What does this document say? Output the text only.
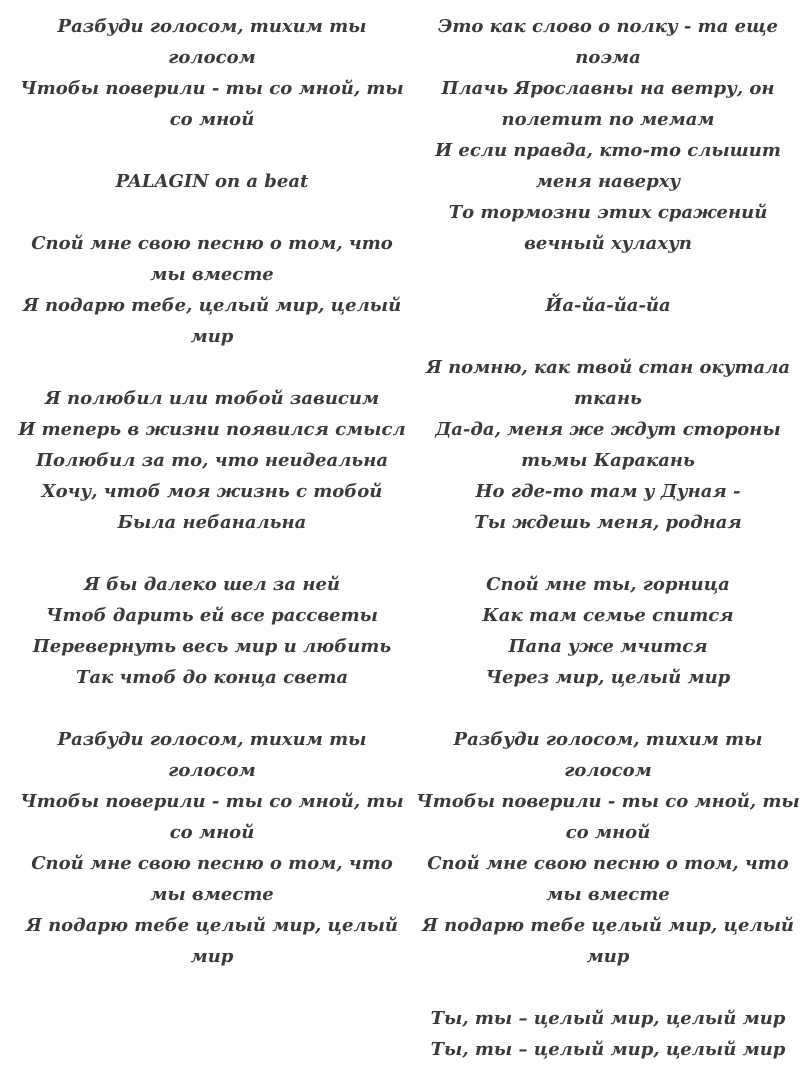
Разбуди голосом, тихим ты голосом
Чтобы поверили - ты со мной, ты со мной
PALAGIN on a beat
Спой мне свою песню о том, что мы вместе
Я подарю тебе, целый мир, целый мир
Я полюбил или тобой зависим
И теперь в жизни появился смысл
Полюбил за то, что неидеальна
Хочу, чтоб моя жизнь с тобой
Была небанальна
Я бы далеко шел за ней
Чтоб дарить ей все рассветы
Перевернуть весь мир и любить
Так чтоб до конца света
Разбуди голосом, тихим ты голосом
Чтобы поверили - ты со мной, ты со мной
Спой мне свою песню о том, что мы вместе
Я подарю тебе целый мир, целый мир
Это как слово о полку - та еще поэма
Плачь Ярославны на ветру, он полетит по мемам
И если правда, кто-то слышит меня наверху
То тормозни этих сражений вечный хулахуп
Йа-йа-йа-йа
Я помню, как твой стан окутала ткань
Да-да, меня же ждут стороны тьмы Каракань
Но где-то там у Дуная -
Ты ждешь меня, родная
Спой мне ты, горница
Как там семье спится
Папа уже мчится
Через мир, целый мир
Разбуди голосом, тихим ты голосом
Чтобы поверили - ты со мной, ты со мной
Спой мне свою песню о том, что мы вместе
Я подарю тебе целый мир, целый мир
Ты, ты – целый мир, целый мир
Ты, ты – целый мир, целый мир
